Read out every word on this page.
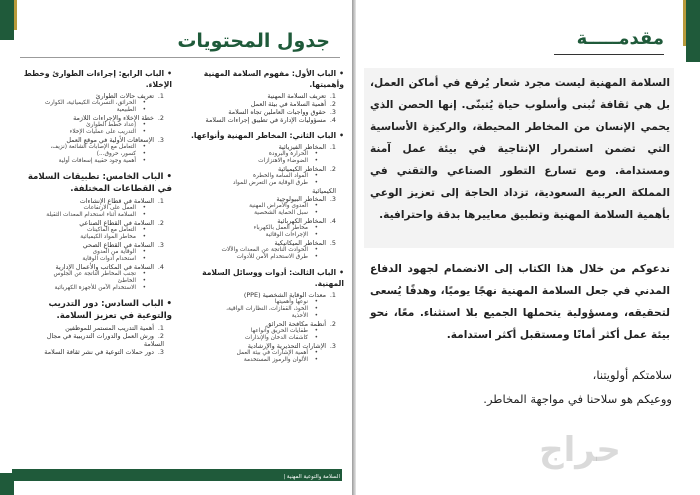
جدول المحتويات
•الباب الأول: مفهوم السلامة المهنية وأهميتها.
1.تعريف السلامة المهنية
2.أهمية السلامة في بيئة العمل
3.حقوق وواجبات العاملين تجاه السلامة
4.مسؤوليات الإدارة في تطبيق إجراءات السلامة
•الباب الثاني: المخاطر المهنية وأنواعها.
1.المخاطر الفيزيائية
•الحرارة والبرودة
•الضوضاء والاهتزازات
2.المخاطر الكيميائية
•المواد السامة والخطرة
•طرق الوقاية من التعرض للمواد
الكيميائية
3.المخاطر البيولوجية
•العدوى والأمراض المهنية
•سبل الحماية الشخصية
4.المخاطر الكهربائية
•مخاطر العمل بالكهرباء
•الإجراءات الوقائية
5.المخاطر الميكانيكية
•الحوادث الناتجة عن المعدات والآلات
•طرق الاستخدام الآمن للأدوات
•الباب الثالث: أدوات ووسائل السلامة المهنية.
1.معدات الوقاية الشخصية (PPE)
•نوعها وأهميتها
•الخوذ، القفازات، النظارات الواقية،
•الأحذية
2.أنظمة مكافحة الحرائق
•طفايات الحريق وأنواعها
•كاشفات الدخان والإنذارات
3.الإشارات التحذيرية والإرشادية
•أهمية الإشارات في بيئة العمل
•الألوان والرموز المستخدمة
•الباب الرابع: إجراءات الطوارئ وخطط الإخلاء.
1.تعريف حالات الطوارئ
•الحرائق، التسربات الكيميائية، الكوارث
•الطبيعية
2.خطة الإخلاء والإجراءات اللازمة
•إعداد خطط الطوارئ
•التدريب على عمليات الإخلاء
3.الإسعافات الأولية في موقع العمل
•التعامل مع الإصابات الشائعة (نزيف،
•كسور، حروق...)
•أهمية وجود حقيبة إسعافات أولية
•الباب الخامس: تطبيقات السلامة في القطاعات المختلفة.
1.السلامة في قطاع الإنشاءات
•العمل على الارتفاعات
•السلامة أثناء استخدام المعدات الثقيلة
2.السلامة في القطاع الصناعي
•التعامل مع الماكينات
•مخاطر المواد الكيميائية
3.السلامة في القطاع الصحي
•الوقاية من العدوى
•استخدام أدوات الوقاية
4.السلامة في المكاتب والأعمال الإدارية
•تجنب المخاطر الناتجة عن الجلوس
•الخاطئ
•الاستخدام الآمن للأجهزة الكهربائية
•الباب السادس: دور التدريب والتوعية في تعزيز السلامة.
1.أهمية التدريب المستمر للموظفين
2.ورش العمل والدورات التدريبية في مجال
السلامة
3.دور حملات التوعية في نشر ثقافة السلامة
السلامة والتوعية المهنية |
مقدمـــــة
السلامة المهنية ليست مجرد شعار يُرفع في أماكن العمل، بل هي ثقافة تُبنى وأسلوب حياة يُتبنّى. إنها الحصن الذي يحمي الإنسان من المخاطر المحيطة، والركيزة الأساسية التي تضمن استمرار الإنتاجية في بيئة عمل آمنة ومستدامة. ومع تسارع التطور الصناعي والتقني في المملكة العربية السعودية، تزداد الحاجة إلى تعزيز الوعي بأهمية السلامة المهنية وتطبيق معاييرها بدقة واحترافية.
ندعوكم من خلال هذا الكتاب إلى الانضمام لجهود الدفاع المدني في جعل السلامة المهنية نهجًا يوميًا، وهدفًا يُسعى لتحقيقه، ومسؤولية يتحملها الجميع بلا استثناء. معًا، نحو بيئة عمل أكثر أمانًا ومستقبل أكثر استدامة.
سلامتكم أولويتنا،
ووعيكم هو سلاحنا في مواجهة المخاطر.
حراج
